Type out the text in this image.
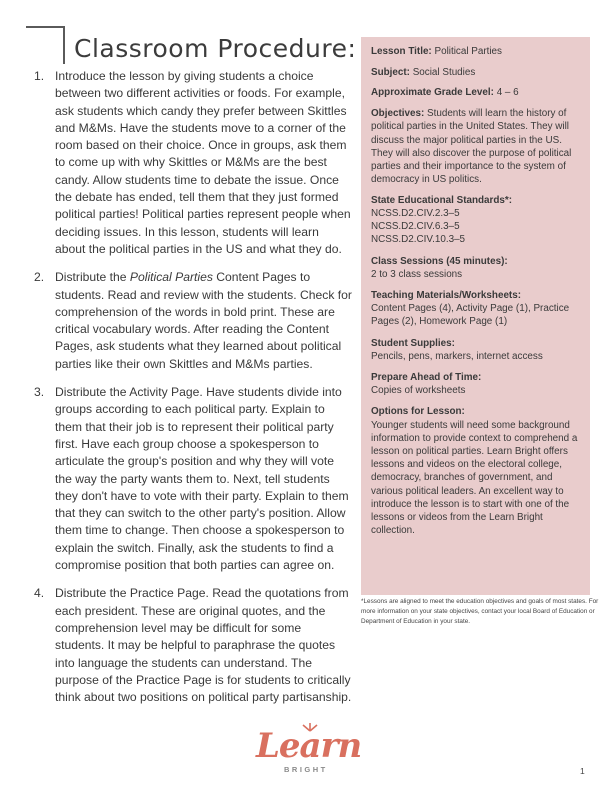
Classroom Procedure:
1. Introduce the lesson by giving students a choice between two different activities or foods. For example, ask students which candy they prefer between Skittles and M&Ms. Have the students move to a corner of the room based on their choice. Once in groups, ask them to come up with why Skittles or M&Ms are the best candy. Allow students time to debate the issue. Once the debate has ended, tell them that they just formed political parties! Political parties represent people when deciding issues. In this lesson, students will learn about the political parties in the US and what they do.
2. Distribute the Political Parties Content Pages to students. Read and review with the students. Check for comprehension of the words in bold print. These are critical vocabulary words. After reading the Content Pages, ask students what they learned about political parties like their own Skittles and M&Ms parties.
3. Distribute the Activity Page. Have students divide into groups according to each political party. Explain to them that their job is to represent their political party first. Have each group choose a spokesperson to articulate the group's position and why they will vote the way the party wants them to. Next, tell students they don't have to vote with their party. Explain to them that they can switch to the other party's position. Allow them time to change. Then choose a spokesperson to explain the switch. Finally, ask the students to find a compromise position that both parties can agree on.
4. Distribute the Practice Page. Read the quotations from each president. These are original quotes, and the comprehension level may be difficult for some students. It may be helpful to paraphrase the quotes into language the students can understand. The purpose of the Practice Page is for students to critically think about two positions on political party partisanship.

Lesson Title: Political Parties

Subject: Social Studies

Approximate Grade Level: 4 – 6

Objectives: Students will learn the history of political parties in the United States. They will discuss the major political parties in the US. They will also discover the purpose of political parties and their importance to the system of democracy in US politics.

State Educational Standards*:
NCSS.D2.CIV.2.3–5
NCSS.D2.CIV.6.3–5
NCSS.D2.CIV.10.3–5
Class Sessions (45 minutes):
2 to 3 class sessions
Teaching Materials/Worksheets:
Content Pages (4), Activity Page (1), Practice Pages (2), Homework Page (1)
Student Supplies:
Pencils, pens, markers, internet access
Prepare Ahead of Time:
Copies of worksheets
Options for Lesson:
Younger students will need some background information to provide context to comprehend a lesson on political parties. Learn Bright offers lessons and videos on the electoral college, democracy, branches of government, and various political leaders. An excellent way to introduce the lesson is to start with one of the lessons or videos from the Learn Bright collection.
*Lessons are aligned to meet the education objectives and goals of most states. For more information on your state objectives, contact your local Board of Education or Department of Education in your state.
Learn
BRIGHT	1
